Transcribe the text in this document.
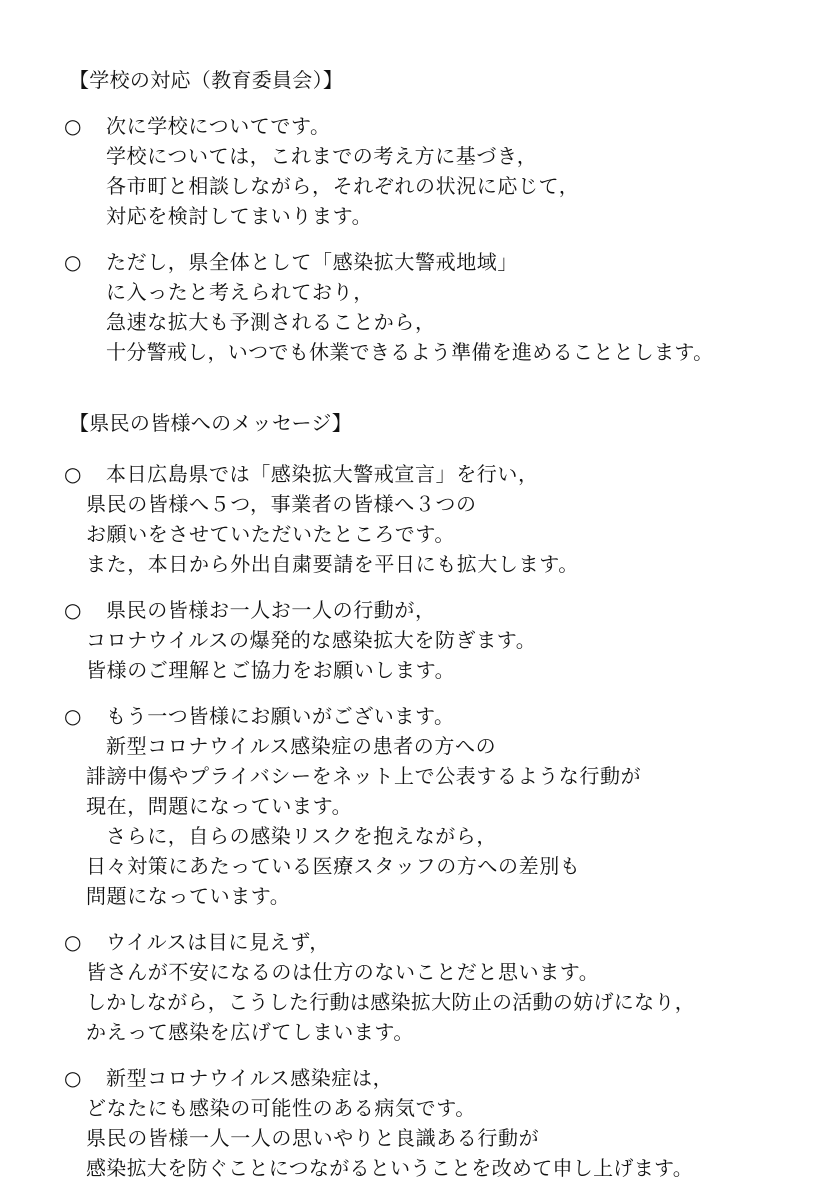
【学校の対応（教育委員会）】
○ 次に学校についてです。
学校については，これまでの考え方に基づき，
各市町と相談しながら，それぞれの状況に応じて，
対応を検討してまいります。
○ ただし，県全体として「感染拡大警戒地域」
に入ったと考えられており，
急速な拡大も予測されることから，
十分警戒し，いつでも休業できるよう準備を進めることとします。
【県民の皆様へのメッセージ】
○ 本日広島県では「感染拡大警戒宣言」を行い，
県民の皆様へ５つ，事業者の皆様へ３つの
お願いをさせていただいたところです。
また，本日から外出自粛要請を平日にも拡大します。
○ 県民の皆様お一人お一人の行動が，
コロナウイルスの爆発的な感染拡大を防ぎます。
皆様のご理解とご協力をお願いします。
○ もう一つ皆様にお願いがございます。
新型コロナウイルス感染症の患者の方への
誹謗中傷やプライバシーをネット上で公表するような行動が
現在，問題になっています。
さらに，自らの感染リスクを抱えながら，
日々対策にあたっている医療スタッフの方への差別も
問題になっています。
○ ウイルスは目に見えず，
皆さんが不安になるのは仕方のないことだと思います。
しかしながら，こうした行動は感染拡大防止の活動の妨げになり，
かえって感染を広げてしまいます。
○ 新型コロナウイルス感染症は，
どなたにも感染の可能性のある病気です。
県民の皆様一人一人の思いやりと良識ある行動が
感染拡大を防ぐことにつながるということを改めて申し上げます。
